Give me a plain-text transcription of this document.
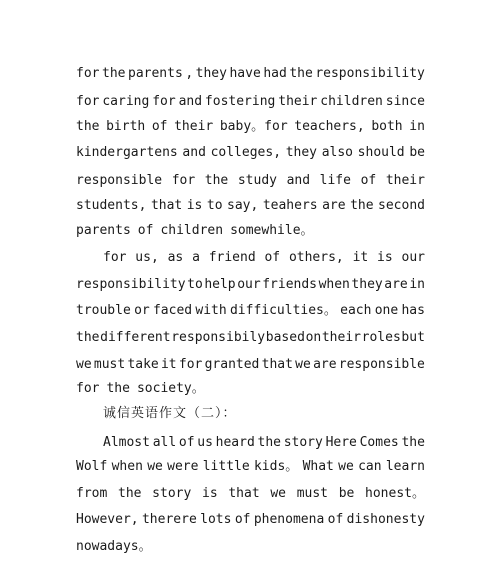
for the parents , they have had the responsibility
for caring for and fostering their children since
the birth of their baby。for teachers, both in
kindergartens and colleges, they also should be
responsible for the study and life of their
students, that is to say, teahers are the second
parents of children somewhile。
for us, as a friend of others, it is our
responsibility to help our friends when they are in
trouble or faced with difficulties。 each one has
the different responsibily based on their roles but
we must take it for granted that we are responsible
for the society。
诚信英语作文（二）：
Almost all of us heard the story Here Comes the
Wolf when we were little kids。 What we can learn
from the story is that we must be honest。
However, therere lots of phenomena of dishonesty
nowadays。
